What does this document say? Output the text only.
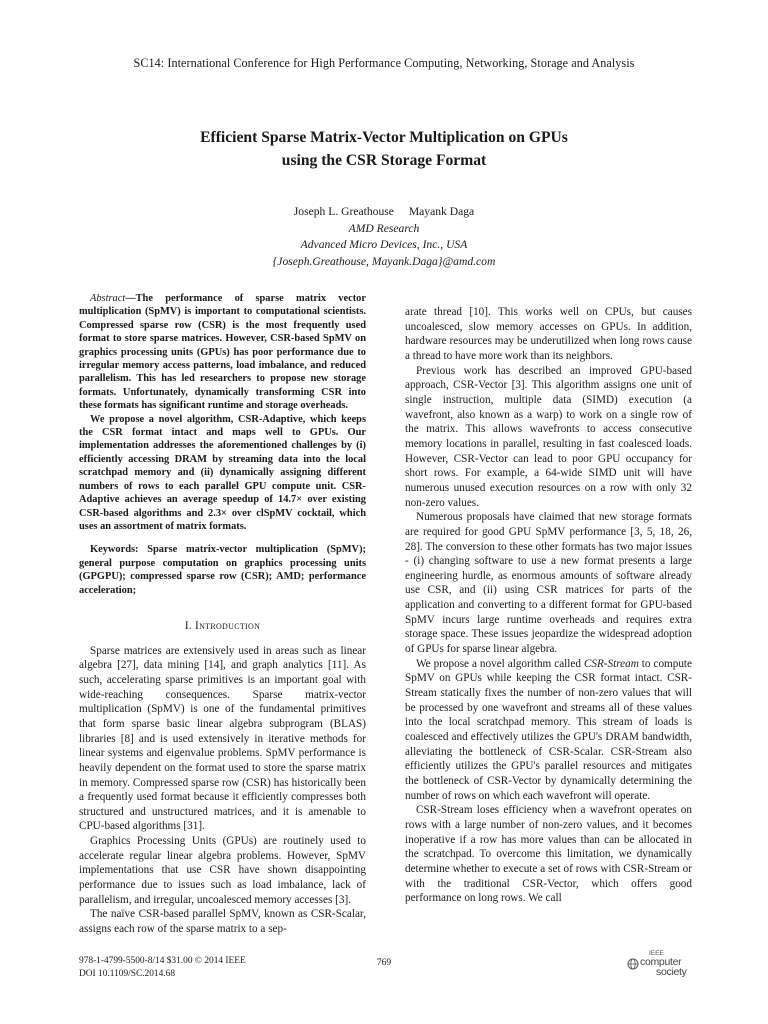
SC14: International Conference for High Performance Computing, Networking, Storage and Analysis
Efficient Sparse Matrix-Vector Multiplication on GPUs
using the CSR Storage Format
Joseph L. Greathouse Mayank Daga
AMD Research
Advanced Micro Devices, Inc., USA
{Joseph.Greathouse, Mayank.Daga}@amd.com

Abstract—The performance of sparse matrix vector multiplication (SpMV) is important to computational scientists. Compressed sparse row (CSR) is the most frequently used format to store sparse matrices. However, CSR-based SpMV on graphics processing units (GPUs) has poor performance due to irregular memory access patterns, load imbalance, and reduced parallelism. This has led researchers to propose new storage formats. Unfortunately, dynamically transforming CSR into these formats has significant runtime and storage overheads.

We propose a novel algorithm, CSR-Adaptive, which keeps the CSR format intact and maps well to GPUs. Our implementation addresses the aforementioned challenges by (i) efficiently accessing DRAM by streaming data into the local scratchpad memory and (ii) dynamically assigning different numbers of rows to each parallel GPU compute unit. CSR-Adaptive achieves an average speedup of 14.7× over existing CSR-based algorithms and 2.3× over clSpMV cocktail, which uses an assortment of matrix formats.

Keywords: Sparse matrix-vector multiplication (SpMV); general purpose computation on graphics processing units (GPGPU); compressed sparse row (CSR); AMD; performance acceleration;

I. Introduction

Sparse matrices are extensively used in areas such as linear algebra [27], data mining [14], and graph analytics [11]. As such, accelerating sparse primitives is an important goal with wide-reaching consequences. Sparse matrix-vector multiplication (SpMV) is one of the fundamental primitives that form sparse basic linear algebra subprogram (BLAS) libraries [8] and is used extensively in iterative methods for linear systems and eigenvalue problems. SpMV performance is heavily dependent on the format used to store the sparse matrix in memory. Compressed sparse row (CSR) has historically been a frequently used format because it efficiently compresses both structured and unstructured matrices, and it is amenable to CPU-based algorithms [31].

Graphics Processing Units (GPUs) are routinely used to accelerate regular linear algebra problems. However, SpMV implementations that use CSR have shown disappointing performance due to issues such as load imbalance, lack of parallelism, and irregular, uncoalesced memory accesses [3].

The naïve CSR-based parallel SpMV, known as CSR-Scalar, assigns each row of the sparse matrix to a sep-

arate thread [10]. This works well on CPUs, but causes uncoalesced, slow memory accesses on GPUs. In addition, hardware resources may be underutilized when long rows cause a thread to have more work than its neighbors.

Previous work has described an improved GPU-based approach, CSR-Vector [3]. This algorithm assigns one unit of single instruction, multiple data (SIMD) execution (a wavefront, also known as a warp) to work on a single row of the matrix. This allows wavefronts to access consecutive memory locations in parallel, resulting in fast coalesced loads. However, CSR-Vector can lead to poor GPU occupancy for short rows. For example, a 64-wide SIMD unit will have numerous unused execution resources on a row with only 32 non-zero values.

Numerous proposals have claimed that new storage formats are required for good GPU SpMV performance [3, 5, 18, 26, 28]. The conversion to these other formats has two major issues - (i) changing software to use a new format presents a large engineering hurdle, as enormous amounts of software already use CSR, and (ii) using CSR matrices for parts of the application and converting to a different format for GPU-based SpMV incurs large runtime overheads and requires extra storage space. These issues jeopardize the widespread adoption of GPUs for sparse linear algebra.

We propose a novel algorithm called CSR-Stream to compute SpMV on GPUs while keeping the CSR format intact. CSR-Stream statically fixes the number of non-zero values that will be processed by one wavefront and streams all of these values into the local scratchpad memory. This stream of loads is coalesced and effectively utilizes the GPU's DRAM bandwidth, alleviating the bottleneck of CSR-Scalar. CSR-Stream also efficiently utilizes the GPU's parallel resources and mitigates the bottleneck of CSR-Vector by dynamically determining the number of rows on which each wavefront will operate.

CSR-Stream loses efficiency when a wavefront operates on rows with a large number of non-zero values, and it becomes inoperative if a row has more values than can be allocated in the scratchpad. To overcome this limitation, we dynamically determine whether to execute a set of rows with CSR-Stream or with the traditional CSR-Vector, which offers good performance on long rows. We call

978-1-4799-5500-8/14 $31.00 © 2014 IEEE
DOI 10.1109/SC.2014.68
769
IEEE
computer
society
